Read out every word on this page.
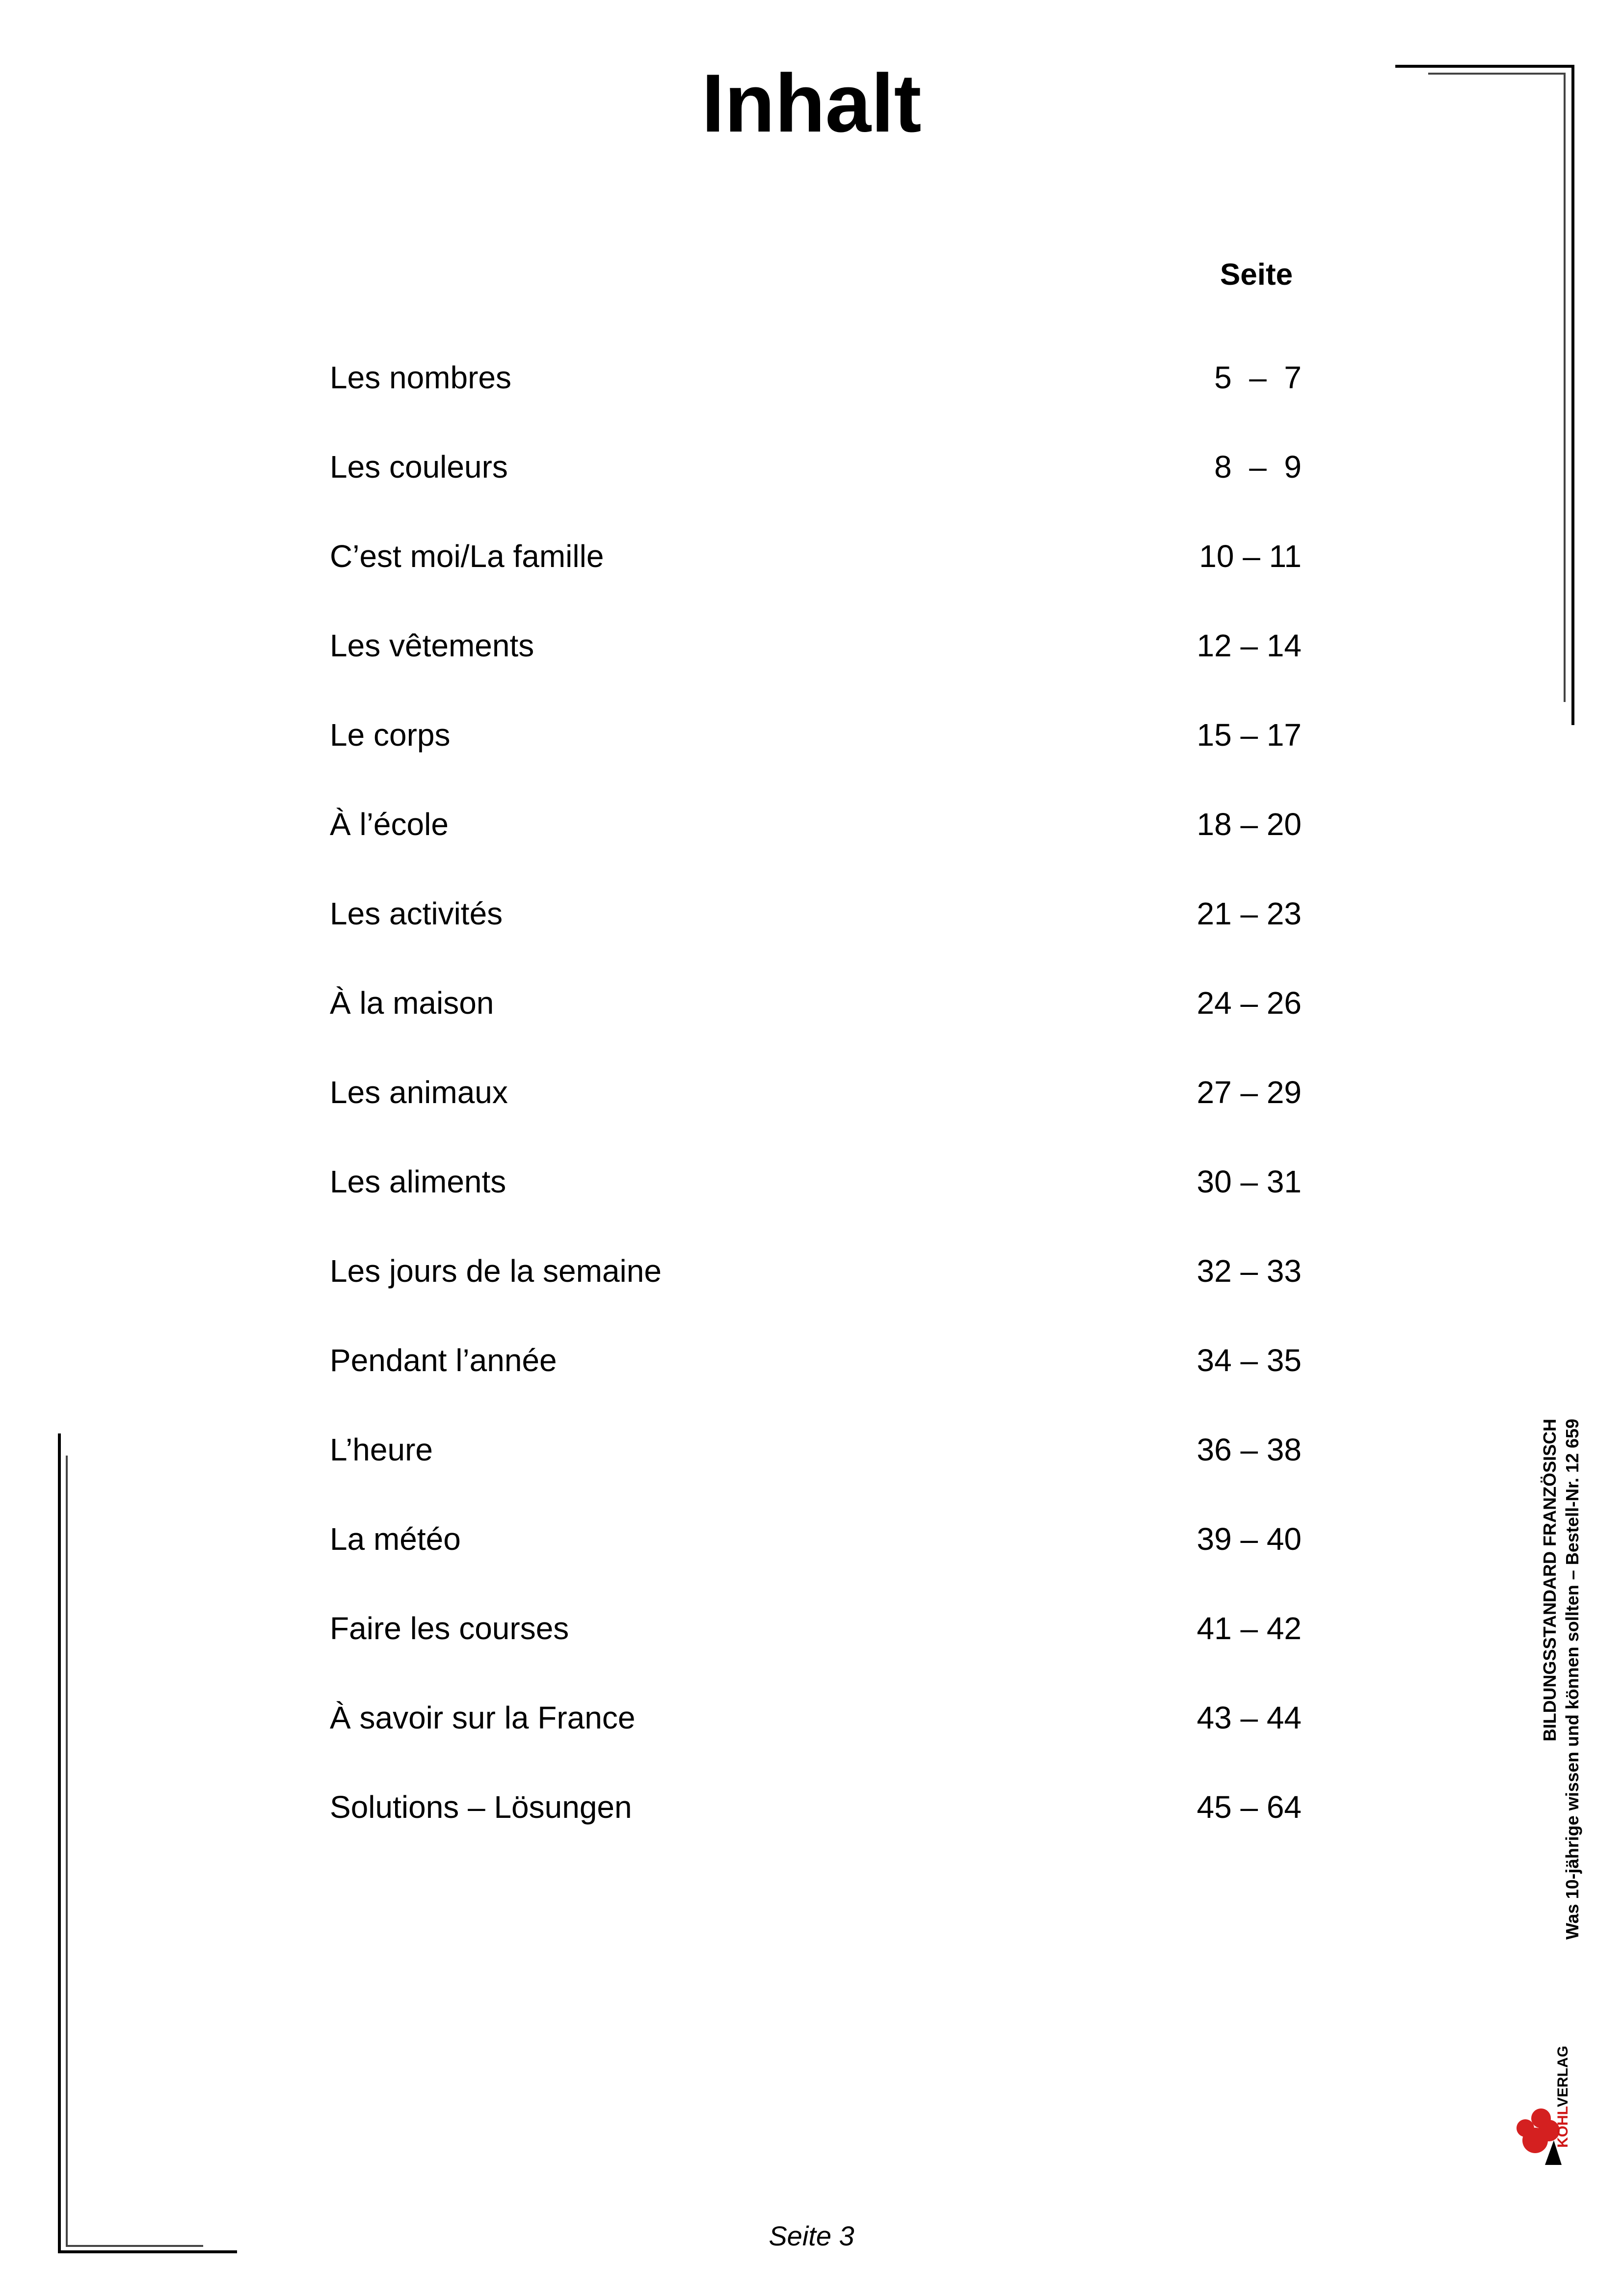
Inhalt
Seite
Les nombres	5  –  7
Les couleurs	8  –  9
C’est moi/La famille	10 – 11
Les vêtements	12 – 14
Le corps	15 – 17
À l’école	18 – 20
Les activités	21 – 23
À la maison	24 – 26
Les animaux	27 – 29
Les aliments	30 – 31
Les jours de la semaine	32 – 33
Pendant l’année	34 – 35
L’heure	36 – 38
La météo	39 – 40
Faire les courses	41 – 42
À savoir sur la France	43 – 44
Solutions – Lösungen	45 – 64
BILDUNGSSTANDARD FRANZÖSISCH Was 10-jährige wissen und können sollten – Bestell-Nr. 12 659
KOHLVERLAG
Seite 3
